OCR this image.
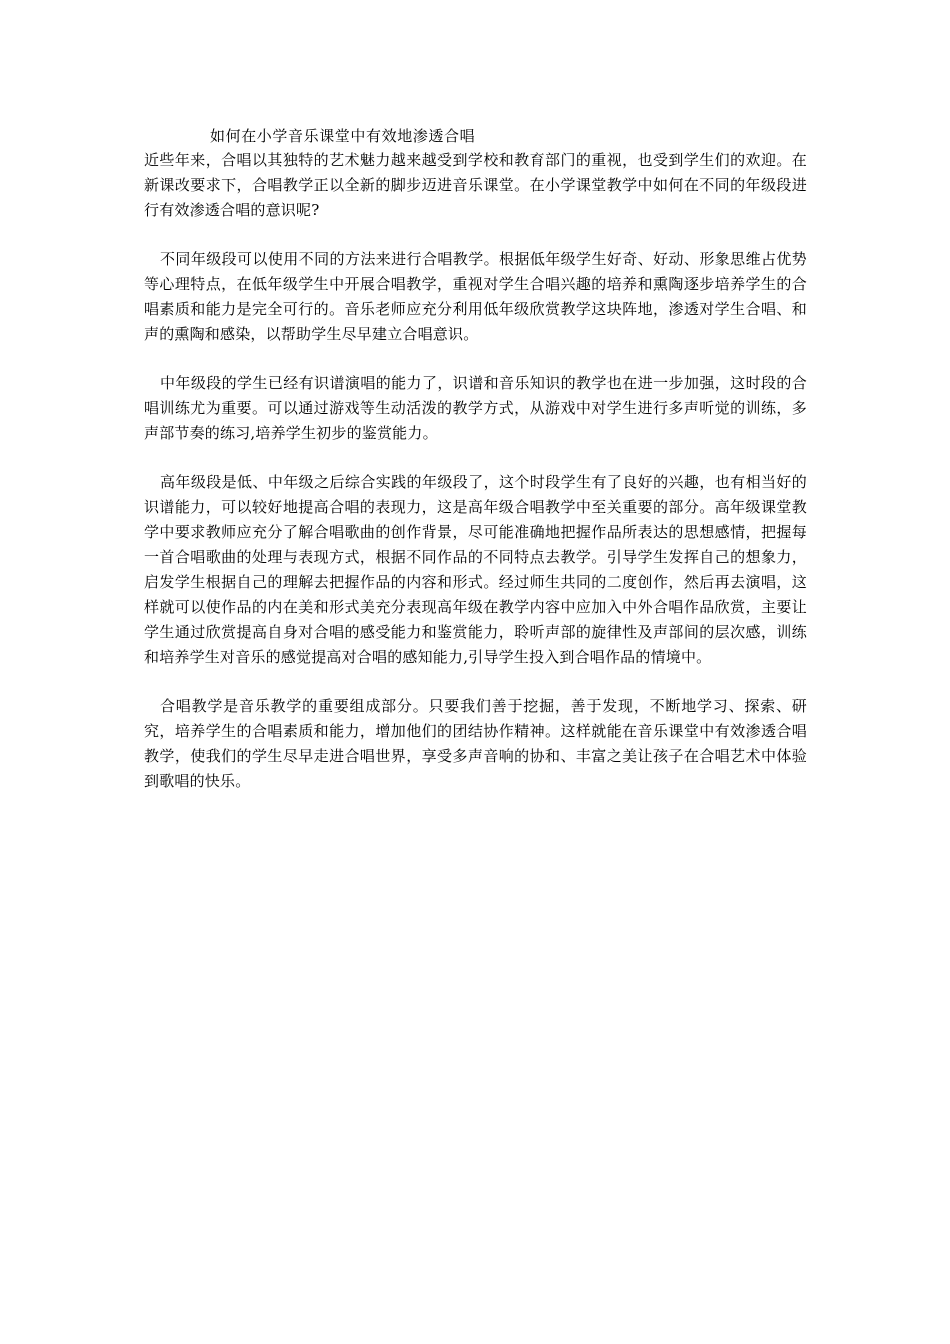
如何在小学音乐课堂中有效地渗透合唱

近些年来，合唱以其独特的艺术魅力越来越受到学校和教育部门的重视，也受到学生们的欢迎。在新课改要求下，合唱教学正以全新的脚步迈进音乐课堂。在小学课堂教学中如何在不同的年级段进行有效渗透合唱的意识呢?

不同年级段可以使用不同的方法来进行合唱教学。根据低年级学生好奇、好动、形象思维占优势等心理特点，在低年级学生中开展合唱教学，重视对学生合唱兴趣的培养和熏陶逐步培养学生的合唱素质和能力是完全可行的。音乐老师应充分利用低年级欣赏教学这块阵地，渗透对学生合唱、和声的熏陶和感染，以帮助学生尽早建立合唱意识。

中年级段的学生已经有识谱演唱的能力了，识谱和音乐知识的教学也在进一步加强，这时段的合唱训练尤为重要。可以通过游戏等生动活泼的教学方式，从游戏中对学生进行多声听觉的训练，多声部节奏的练习,培养学生初步的鉴赏能力。

高年级段是低、中年级之后综合实践的年级段了，这个时段学生有了良好的兴趣，也有相当好的识谱能力，可以较好地提高合唱的表现力，这是高年级合唱教学中至关重要的部分。高年级课堂教学中要求教师应充分了解合唱歌曲的创作背景，尽可能准确地把握作品所表达的思想感情，把握每一首合唱歌曲的处理与表现方式，根据不同作品的不同特点去教学。引导学生发挥自己的想象力，启发学生根据自己的理解去把握作品的内容和形式。经过师生共同的二度创作，然后再去演唱，这样就可以使作品的内在美和形式美充分表现高年级在教学内容中应加入中外合唱作品欣赏，主要让学生通过欣赏提高自身对合唱的感受能力和鉴赏能力，聆听声部的旋律性及声部间的层次感，训练和培养学生对音乐的感觉提高对合唱的感知能力,引导学生投入到合唱作品的情境中。

合唱教学是音乐教学的重要组成部分。只要我们善于挖掘，善于发现，不断地学习、探索、研究，培养学生的合唱素质和能力，增加他们的团结协作精神。这样就能在音乐课堂中有效渗透合唱教学，使我们的学生尽早走进合唱世界，享受多声音响的协和、丰富之美让孩子在合唱艺术中体验到歌唱的快乐。
